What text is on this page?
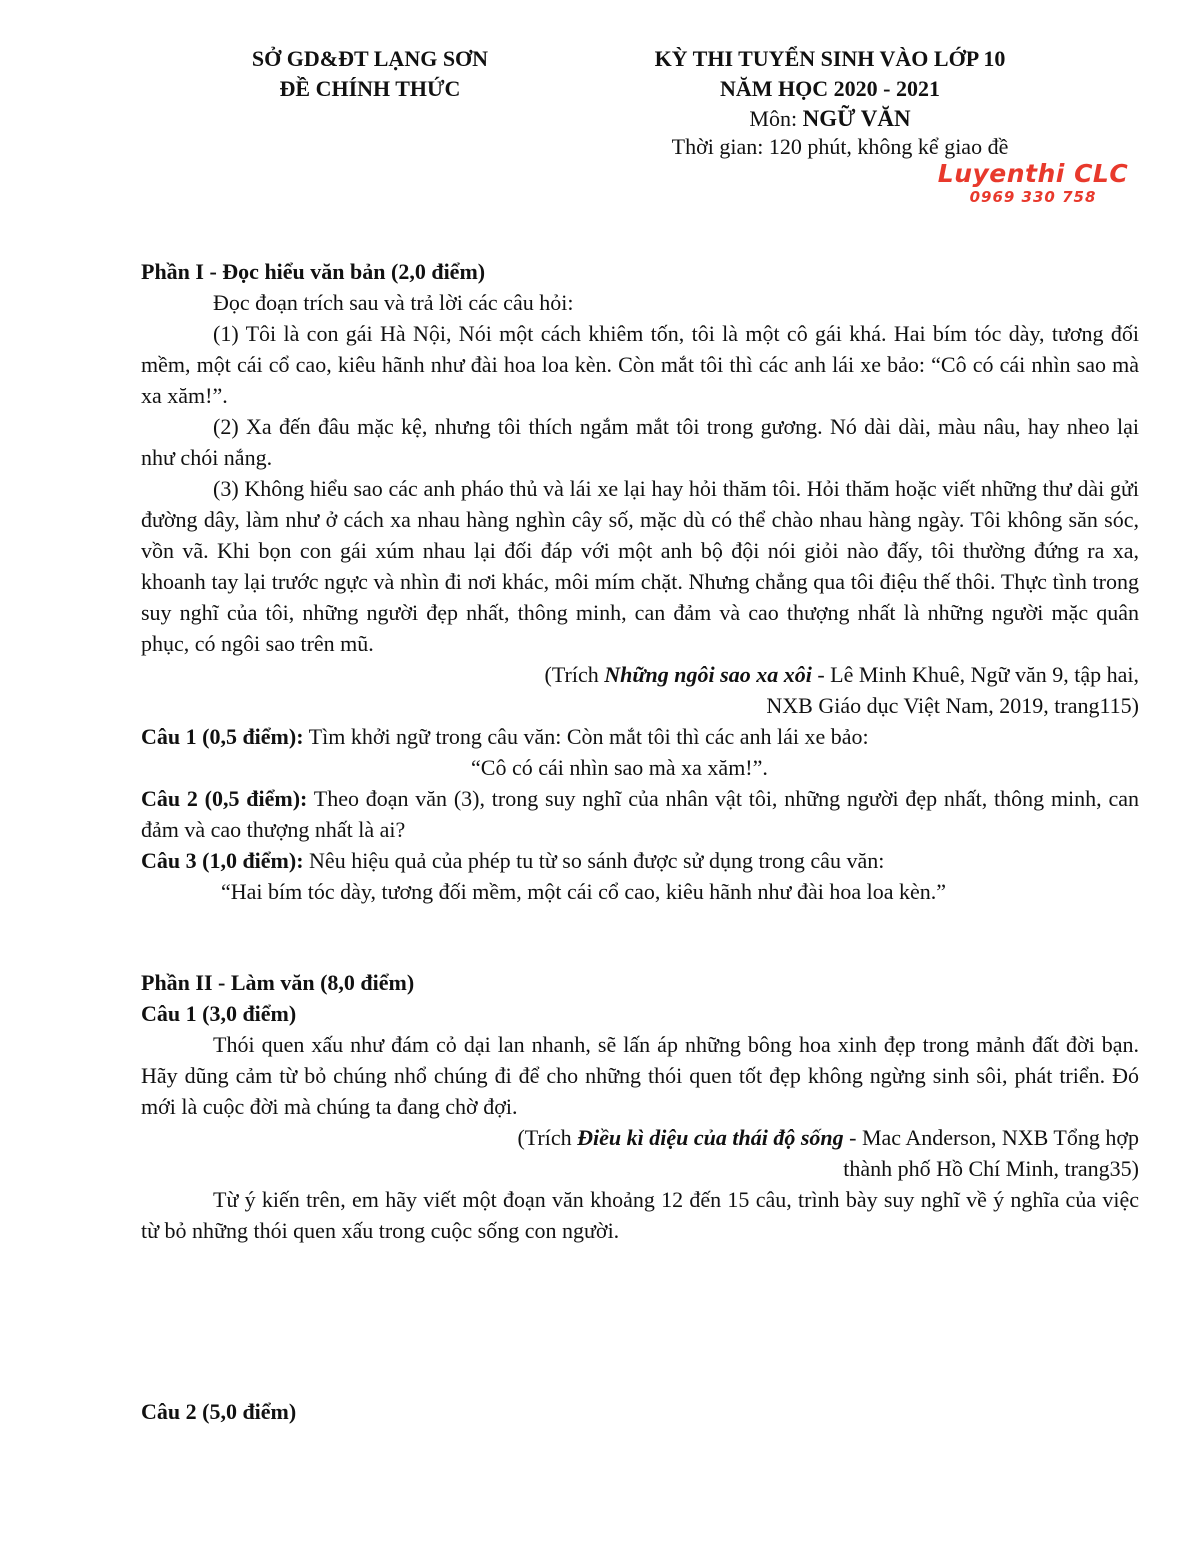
SỞ GD&ĐT LẠNG SƠN
ĐỀ CHÍNH THỨC
KỲ THI TUYỂN SINH VÀO LỚP 10
NĂM HỌC 2020 - 2021
Môn: NGỮ VĂN
Thời gian: 120 phút, không kể giao đề
Luyenthi CLC
0969 330 758

Phần I - Đọc hiểu văn bản (2,0 điểm)

Đọc đoạn trích sau và trả lời các câu hỏi:

(1) Tôi là con gái Hà Nội, Nói một cách khiêm tốn, tôi là một cô gái khá. Hai bím tóc dày, tương đối mềm, một cái cổ cao, kiêu hãnh như đài hoa loa kèn. Còn mắt tôi thì các anh lái xe bảo: “Cô có cái nhìn sao mà xa xăm!”.

(2) Xa đến đâu mặc kệ, nhưng tôi thích ngắm mắt tôi trong gương. Nó dài dài, màu nâu, hay nheo lại như chói nắng.

(3) Không hiểu sao các anh pháo thủ và lái xe lại hay hỏi thăm tôi. Hỏi thăm hoặc viết những thư dài gửi đường dây, làm như ở cách xa nhau hàng nghìn cây số, mặc dù có thể chào nhau hàng ngày. Tôi không săn sóc, vồn vã. Khi bọn con gái xúm nhau lại đối đáp với một anh bộ đội nói giỏi nào đấy, tôi thường đứng ra xa, khoanh tay lại trước ngực và nhìn đi nơi khác, môi mím chặt. Nhưng chẳng qua tôi điệu thế thôi. Thực tình trong suy nghĩ của tôi, những người đẹp nhất, thông minh, can đảm và cao thượng nhất là những người mặc quân phục, có ngôi sao trên mũ.

(Trích Những ngôi sao xa xôi - Lê Minh Khuê, Ngữ văn 9, tập hai, NXB Giáo dục Việt Nam, 2019, trang115)

Câu 1 (0,5 điểm): Tìm khởi ngữ trong câu văn: Còn mắt tôi thì các anh lái xe bảo:

“Cô có cái nhìn sao mà xa xăm!”.

Câu 2 (0,5 điểm): Theo đoạn văn (3), trong suy nghĩ của nhân vật tôi, những người đẹp nhất, thông minh, can đảm và cao thượng nhất là ai?

Câu 3 (1,0 điểm): Nêu hiệu quả của phép tu từ so sánh được sử dụng trong câu văn:

“Hai bím tóc dày, tương đối mềm, một cái cổ cao, kiêu hãnh như đài hoa loa kèn.”

Phần II - Làm văn (8,0 điểm)

Câu 1 (3,0 điểm)

Thói quen xấu như đám cỏ dại lan nhanh, sẽ lấn áp những bông hoa xinh đẹp trong mảnh đất đời bạn. Hãy dũng cảm từ bỏ chúng nhổ chúng đi để cho những thói quen tốt đẹp không ngừng sinh sôi, phát triển. Đó mới là cuộc đời mà chúng ta đang chờ đợi.

(Trích Điều kì diệu của thái độ sống - Mac Anderson, NXB Tổng hợp thành phố Hồ Chí Minh, trang35)

Từ ý kiến trên, em hãy viết một đoạn văn khoảng 12 đến 15 câu, trình bày suy nghĩ về ý nghĩa của việc từ bỏ những thói quen xấu trong cuộc sống con người.

Câu 2 (5,0 điểm)
